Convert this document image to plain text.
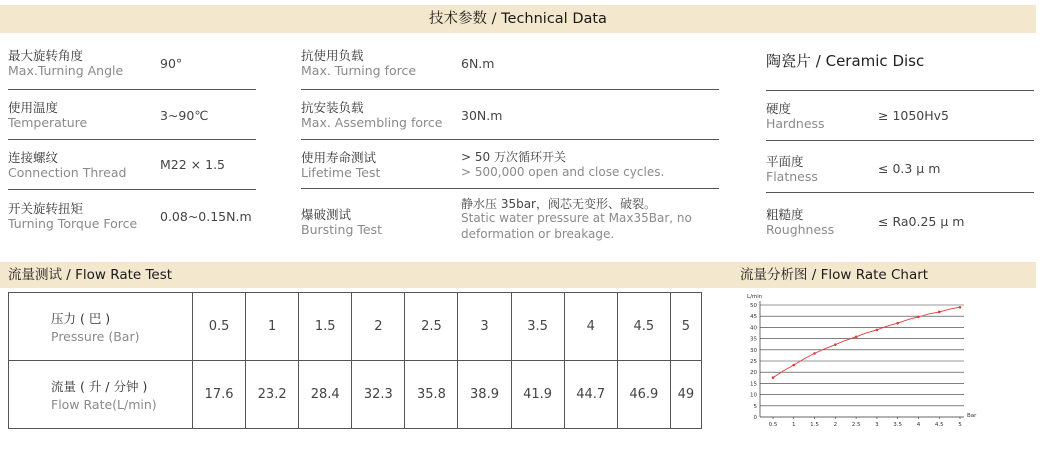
技术参数 / Technical Data
最大旋转角度
Max.Turning Angle	90°
使用温度
Temperature	3~90℃
连接螺纹
Connection Thread
M22 × 1.5
开关旋转扭矩
Turning Torque Force 0.08~0.15N.m
抗使用负载
Max. Turning force	6N.m
抗安装负载
Max. Assembling force 30N.m
使用寿命测试
Lifetime Test
> 50 万次循环开关
> 500,000 open and close cycles.
爆破测试
Bursting Test
静水压 35bar，阀芯无变形、破裂。
Static water pressure at Max35Bar, no
deformation or breakage.
陶瓷片 / Ceramic Disc
硬度
Hardness
≥ 1050Hv5
平面度
Flatness
≤ 0.3 μ m
粗糙度
Roughness
≤ Ra0.25 μ m
流量测试 / Flow Rate Test	流量分析图 / Flow Rate Chart
压力 ( 巴 )
Pressure (Bar)	0.5	1	1.5	2	2.5	3	3.5	4	4.5	5

流量 ( 升 / 分钟 )
Flow Rate(L/min)	17.6	23.2	28.4	32.3	35.8	38.9	41.9	44.7	46.9	49
L/min
Bar
0
5
10
15
20
25
30
35
40
45
50
0.5	1	1.5	2	2.5	3	3.5	4	4.5	5
